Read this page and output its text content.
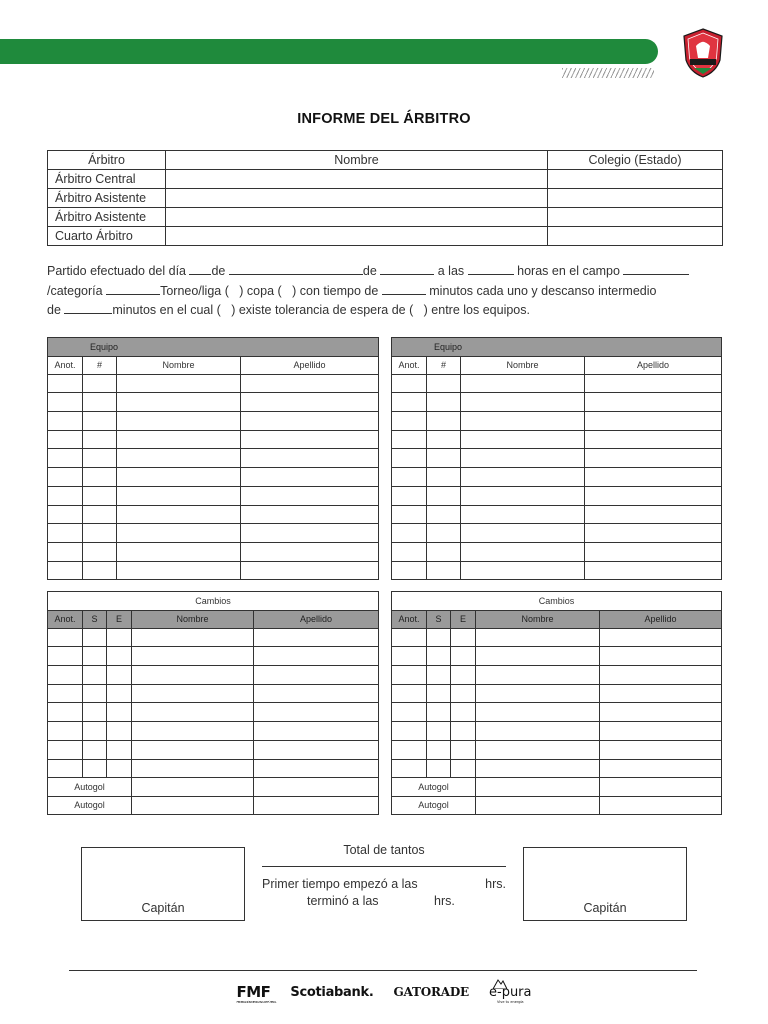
INFORME DEL ÁRBITRO
Árbitro	Nombre	Colegio (Estado)
Árbitro Central		
Árbitro Asistente		
Árbitro Asistente		
Cuarto Árbitro		
Partido efectuado del día de	de	a las	horas en el campo
/categoría	Torneo/liga ( ) copa ( ) con tiempo de	minutos cada uno y descanso intermedio
de	minutos en el cual ( ) existe tolerancia de espera de ( ) entre los equipos.
Equipo			
Anot.	#	Nombre	Apellido

Equipo			
Anot.	#	Nombre	Apellido

Cambios				
Anot.	S	E	Nombre	Apellido

Autogol				
Autogol				
Cambios				
Anot.	S	E	Nombre	Apellido

Autogol				
Autogol				
Capitán
Total de tantos
Primer tiempo empezó a las	hrs.
terminó a las	hrs.	Capitán
FMF
FEDERACIÓN MEXICANA DE FÚTBOL
Scotiabank. GATORADE e-pura
Vive tu energía
